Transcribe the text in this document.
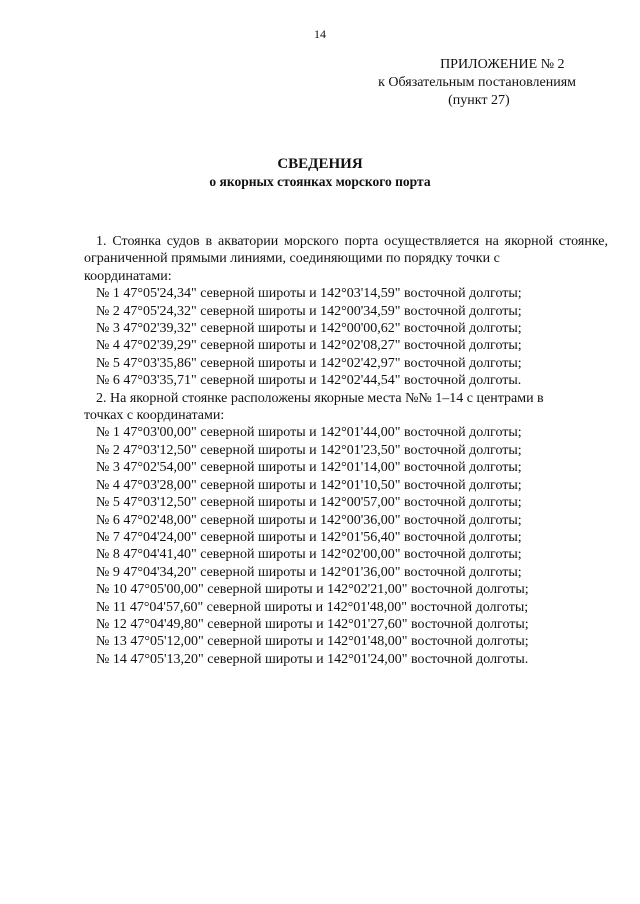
14
ПРИЛОЖЕНИЕ № 2
к Обязательным постановлениям
(пункт 27)
СВЕДЕНИЯ
о якорных стоянках морского порта

1. Стоянка судов в акватории морского порта осуществляется на якорной стоянке, ограниченной прямыми линиями, соединяющими по порядку точки с

координатами:

№ 1 47°05'24,34" северной широты и 142°03'14,59" восточной долготы;

№ 2 47°05'24,32" северной широты и 142°00'34,59" восточной долготы;

№ 3 47°02'39,32" северной широты и 142°00'00,62" восточной долготы;

№ 4 47°02'39,29" северной широты и 142°02'08,27" восточной долготы;

№ 5 47°03'35,86" северной широты и 142°02'42,97" восточной долготы;

№ 6 47°03'35,71" северной широты и 142°02'44,54" восточной долготы.

2. На якорной стоянке расположены якорные места №№ 1–14 с центрами в

точках с координатами:

№ 1 47°03'00,00" северной широты и 142°01'44,00" восточной долготы;

№ 2 47°03'12,50" северной широты и 142°01'23,50" восточной долготы;

№ 3 47°02'54,00" северной широты и 142°01'14,00" восточной долготы;

№ 4 47°03'28,00" северной широты и 142°01'10,50" восточной долготы;

№ 5 47°03'12,50" северной широты и 142°00'57,00" восточной долготы;

№ 6 47°02'48,00" северной широты и 142°00'36,00" восточной долготы;

№ 7 47°04'24,00" северной широты и 142°01'56,40" восточной долготы;

№ 8 47°04'41,40" северной широты и 142°02'00,00" восточной долготы;

№ 9 47°04'34,20" северной широты и 142°01'36,00" восточной долготы;

№ 10 47°05'00,00" северной широты и 142°02'21,00" восточной долготы;

№ 11 47°04'57,60" северной широты и 142°01'48,00" восточной долготы;

№ 12 47°04'49,80" северной широты и 142°01'27,60" восточной долготы;

№ 13 47°05'12,00" северной широты и 142°01'48,00" восточной долготы;

№ 14 47°05'13,20" северной широты и 142°01'24,00" восточной долготы.
